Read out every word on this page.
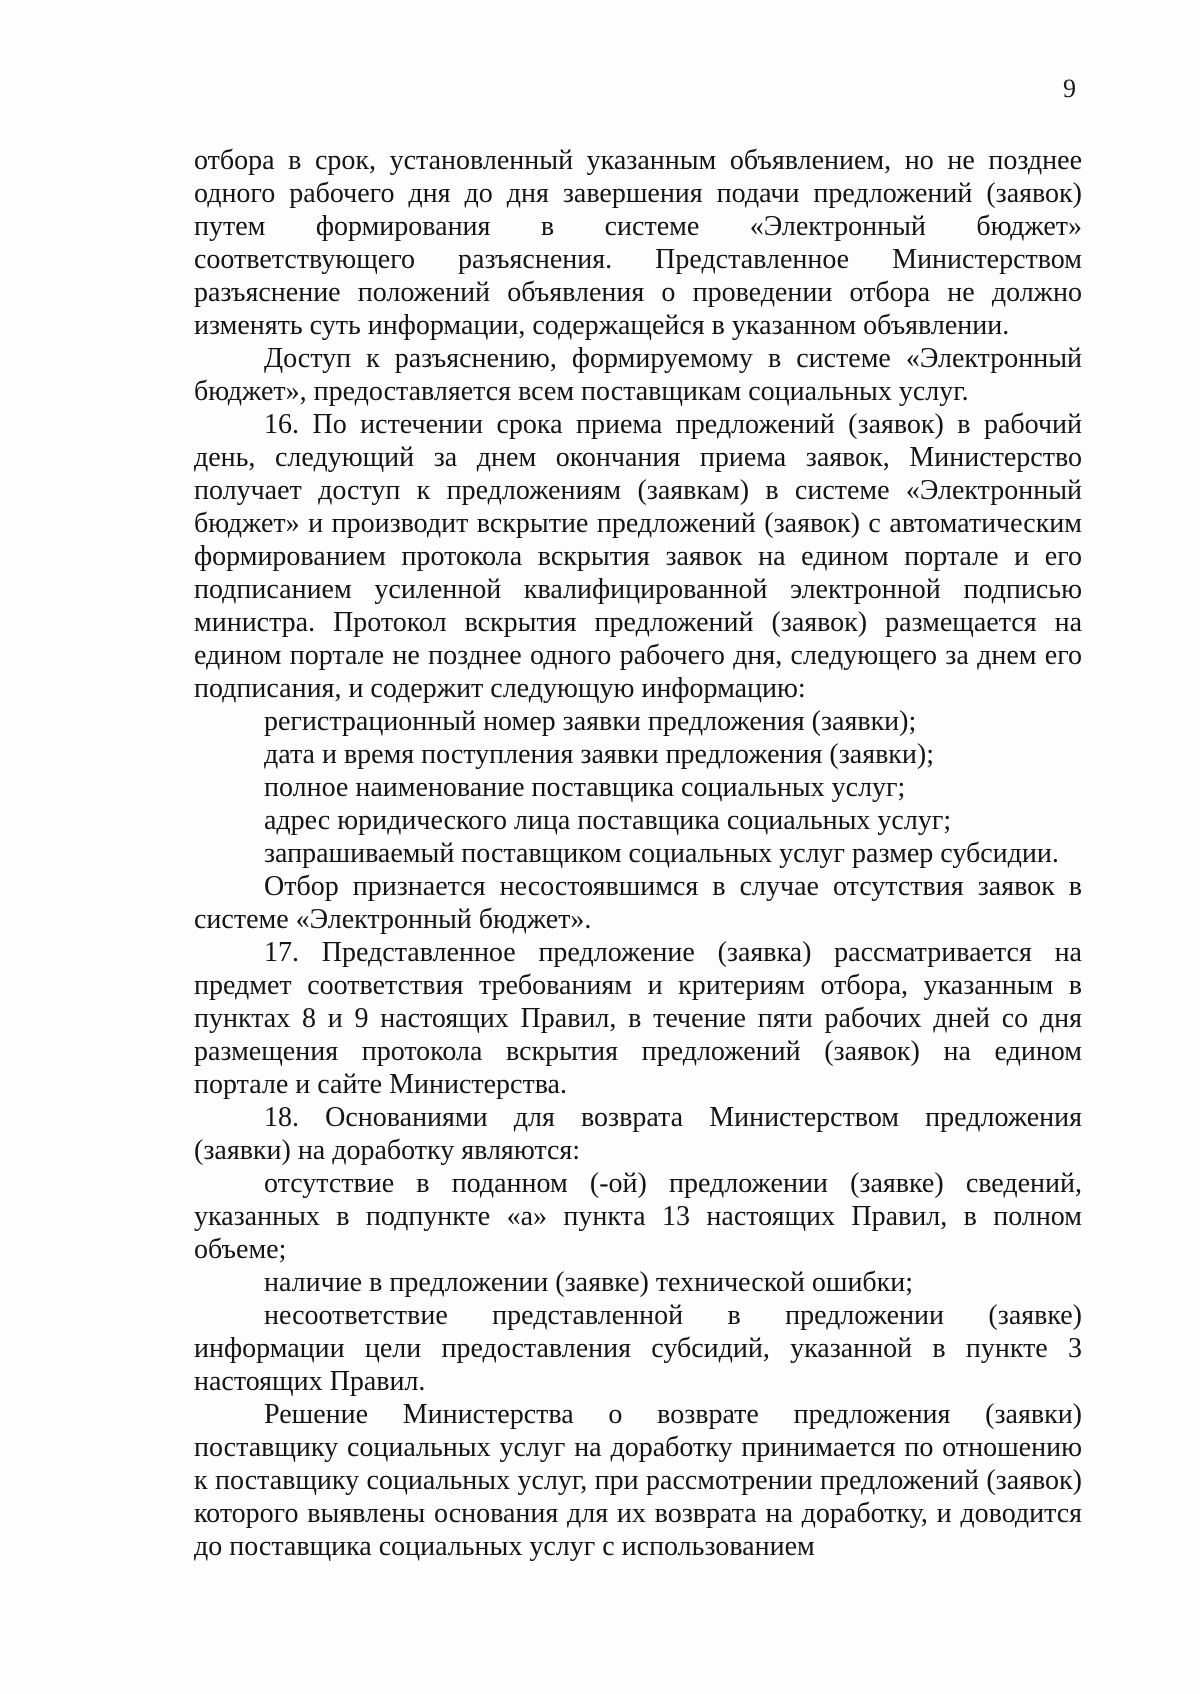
9

отбора в срок, установленный указанным объявлением, но не позднее одного рабочего дня до дня завершения подачи предложений (заявок) путем формирования в системе «Электронный бюджет» соответствующего разъяснения. Представленное Министерством разъяснение положений объявления о проведении отбора не должно изменять суть информации, содержащейся в указанном объявлении.

Доступ к разъяснению, формируемому в системе «Электронный бюджет», предоставляется всем поставщикам социальных услуг.

16. По истечении срока приема предложений (заявок) в рабочий день, следующий за днем окончания приема заявок, Министерство получает доступ к предложениям (заявкам) в системе «Электронный бюджет» и производит вскрытие предложений (заявок) с автоматическим формированием протокола вскрытия заявок на едином портале и его подписанием усиленной квалифицированной электронной подписью министра. Протокол вскрытия предложений (заявок) размещается на едином портале не позднее одного рабочего дня, следующего за днем его подписания, и содержит следующую информацию:

регистрационный номер заявки предложения (заявки);

дата и время поступления заявки предложения (заявки);

полное наименование поставщика социальных услуг;

адрес юридического лица поставщика социальных услуг;

запрашиваемый поставщиком социальных услуг размер субсидии.

Отбор признается несостоявшимся в случае отсутствия заявок в системе «Электронный бюджет».

17. Представленное предложение (заявка) рассматривается на предмет соответствия требованиям и критериям отбора, указанным в пунктах 8 и 9 настоящих Правил, в течение пяти рабочих дней со дня размещения протокола вскрытия предложений (заявок) на едином портале и сайте Министерства.

18. Основаниями для возврата Министерством предложения (заявки) на доработку являются:

отсутствие в поданном (-ой) предложении (заявке) сведений, указанных в подпункте «а» пункта 13 настоящих Правил, в полном объеме;

наличие в предложении (заявке) технической ошибки;

несоответствие представленной в предложении (заявке) информации цели предоставления субсидий, указанной в пункте 3 настоящих Правил.

Решение Министерства о возврате предложения (заявки) поставщику социальных услуг на доработку принимается по отношению к поставщику социальных услуг, при рассмотрении предложений (заявок) которого выявлены основания для их возврата на доработку, и доводится до поставщика социальных услуг с использованием
